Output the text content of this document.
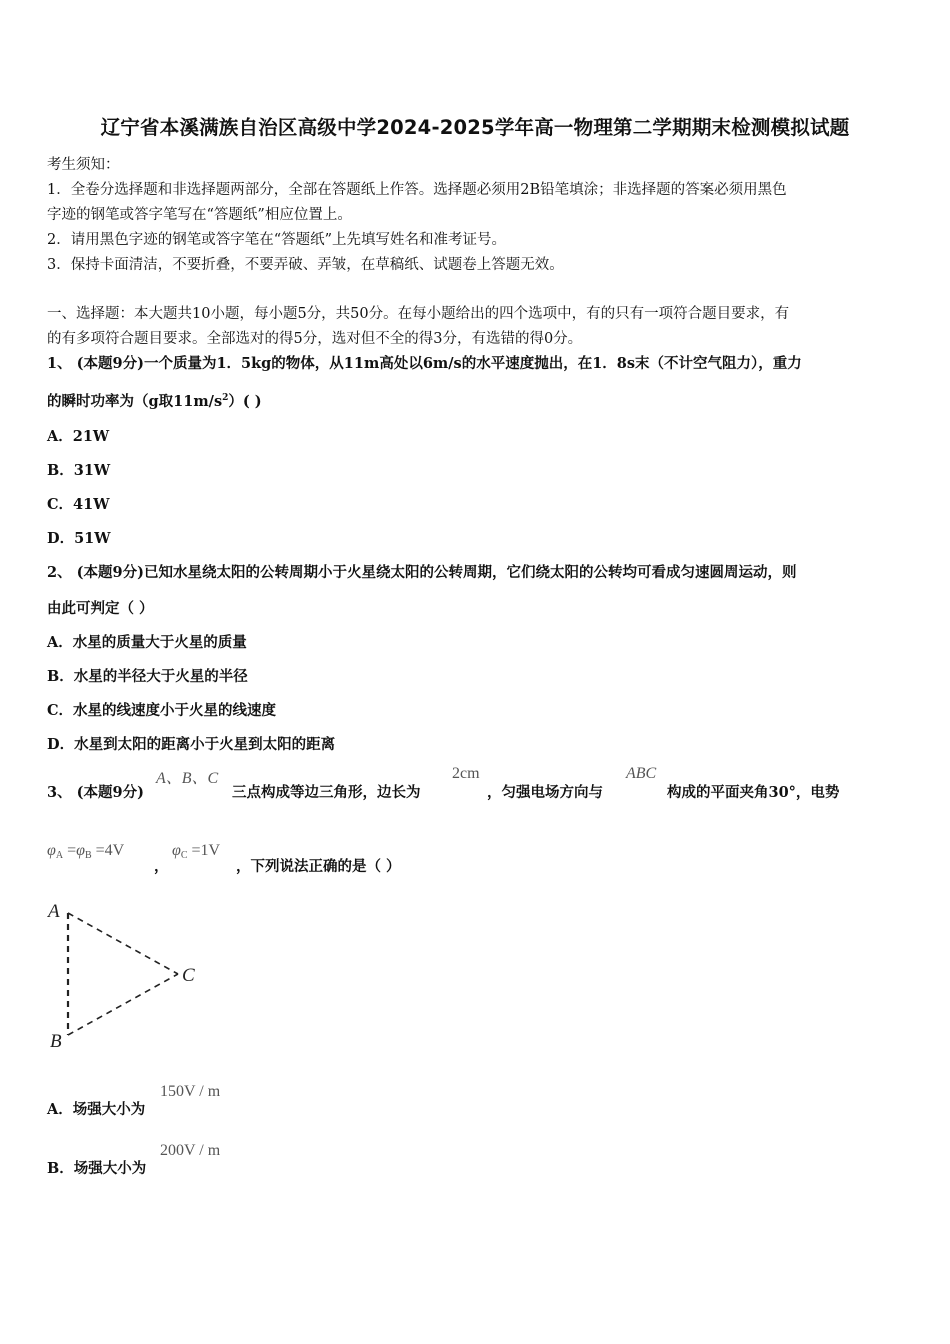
辽宁省本溪满族自治区高级中学2024-2025学年高一物理第二学期期末检测模拟试题
考生须知：
1．全卷分选择题和非选择题两部分，全部在答题纸上作答。选择题必须用2B铅笔填涂；非选择题的答案必须用黑色
字迹的钢笔或答字笔写在“答题纸”相应位置上。
2．请用黑色字迹的钢笔或答字笔在“答题纸”上先填写姓名和准考证号。
3．保持卡面清洁，不要折叠，不要弄破、弄皱，在草稿纸、试题卷上答题无效。
一、选择题：本大题共10小题，每小题5分，共50分。在每小题给出的四个选项中，有的只有一项符合题目要求，有
的有多项符合题目要求。全部选对的得5分，选对但不全的得3分，有选错的得0分。
1、 (本题9分)一个质量为1．5kg的物体，从11m高处以6m/s的水平速度抛出，在1．8s末（不计空气阻力），重力
的瞬时功率为（g取$11m/s^2$）( )
A．21W
B．31W
C．41W
D．51W
2、 (本题9分)已知水星绕太阳的公转周期小于火星绕太阳的公转周期，它们绕太阳的公转均可看成匀速圆周运动，则
由此可判定（ ）
A．水星的质量大于火星的质量
B．水星的半径大于火星的半径
C．水星的线速度小于火星的线速度
D．水星到太阳的距离小于火星到太阳的距离
3、 (本题9分)
A、B、C
三点构成等边三角形，边长为
2cm
，匀强电场方向与
ABC
构成的平面夹角30°，电势
$\varphi_A =\varphi_B =4V$
，
$\varphi_C =1V$
，下列说法正确的是（ ）
A
B
C
A．场强大小为
150V / m
B．场强大小为
200V / m
